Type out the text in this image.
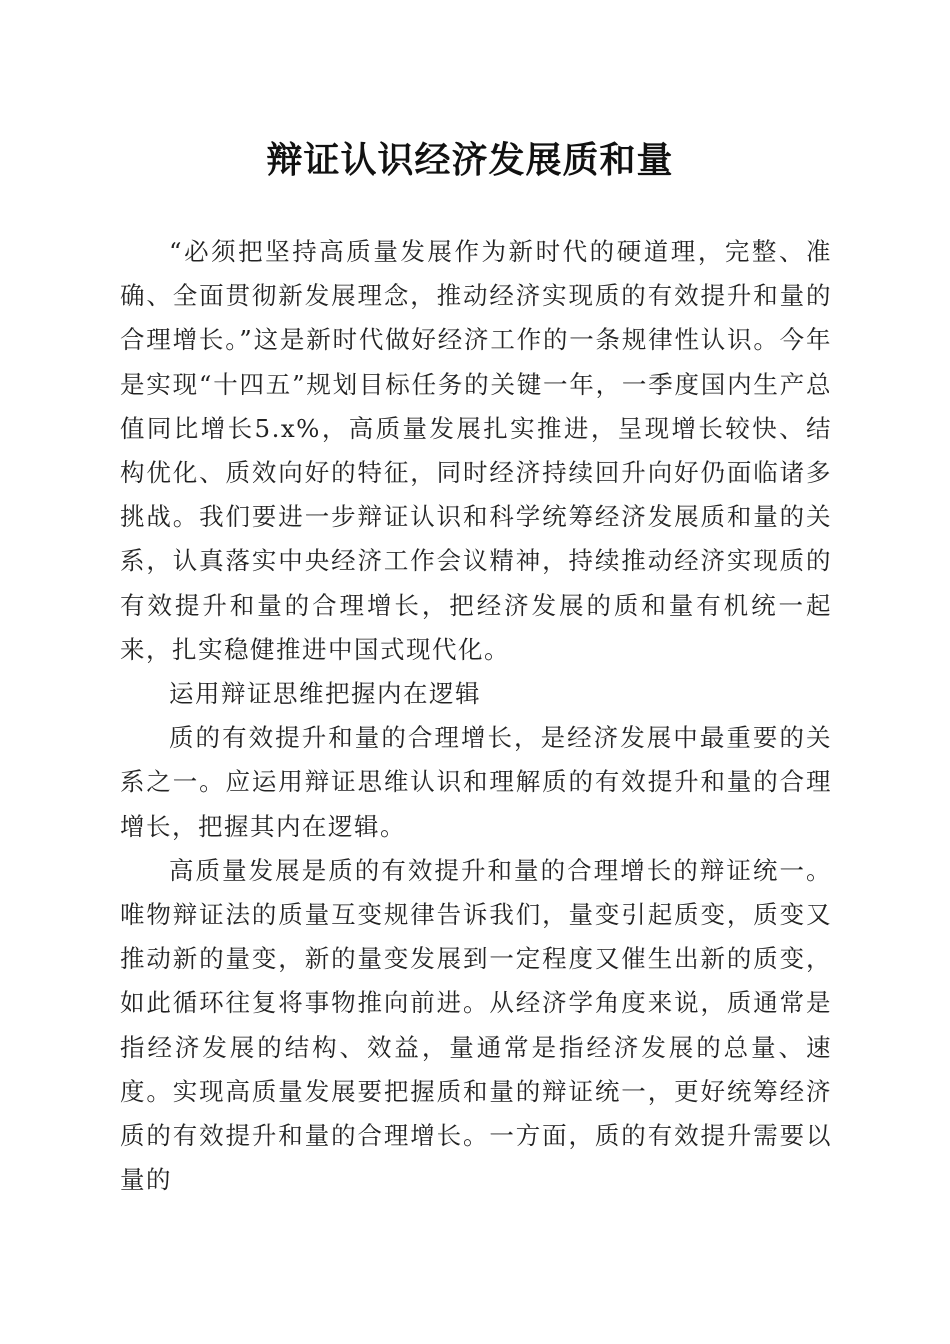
辩证认识经济发展质和量

“必须把坚持高质量发展作为新时代的硬道理，完整、准确、全面贯彻新发展理念，推动经济实现质的有效提升和量的合理增长。”这是新时代做好经济工作的一条规律性认识。今年是实现“十四五”规划目标任务的关键一年，一季度国内生产总值同比增长5.x%，高质量发展扎实推进，呈现增长较快、结构优化、质效向好的特征，同时经济持续回升向好仍面临诸多挑战。我们要进一步辩证认识和科学统筹经济发展质和量的关系，认真落实中央经济工作会议精神，持续推动经济实现质的有效提升和量的合理增长，把经济发展的质和量有机统一起来，扎实稳健推进中国式现代化。

运用辩证思维把握内在逻辑

质的有效提升和量的合理增长，是经济发展中最重要的关系之一。应运用辩证思维认识和理解质的有效提升和量的合理增长，把握其内在逻辑。

高质量发展是质的有效提升和量的合理增长的辩证统一。唯物辩证法的质量互变规律告诉我们，量变引起质变，质变又推动新的量变，新的量变发展到一定程度又催生出新的质变，如此循环往复将事物推向前进。从经济学角度来说，质通常是指经济发展的结构、效益，量通常是指经济发展的总量、速度。实现高质量发展要把握质和量的辩证统一，更好统筹经济质的有效提升和量的合理增长。一方面，质的有效提升需要以量的
